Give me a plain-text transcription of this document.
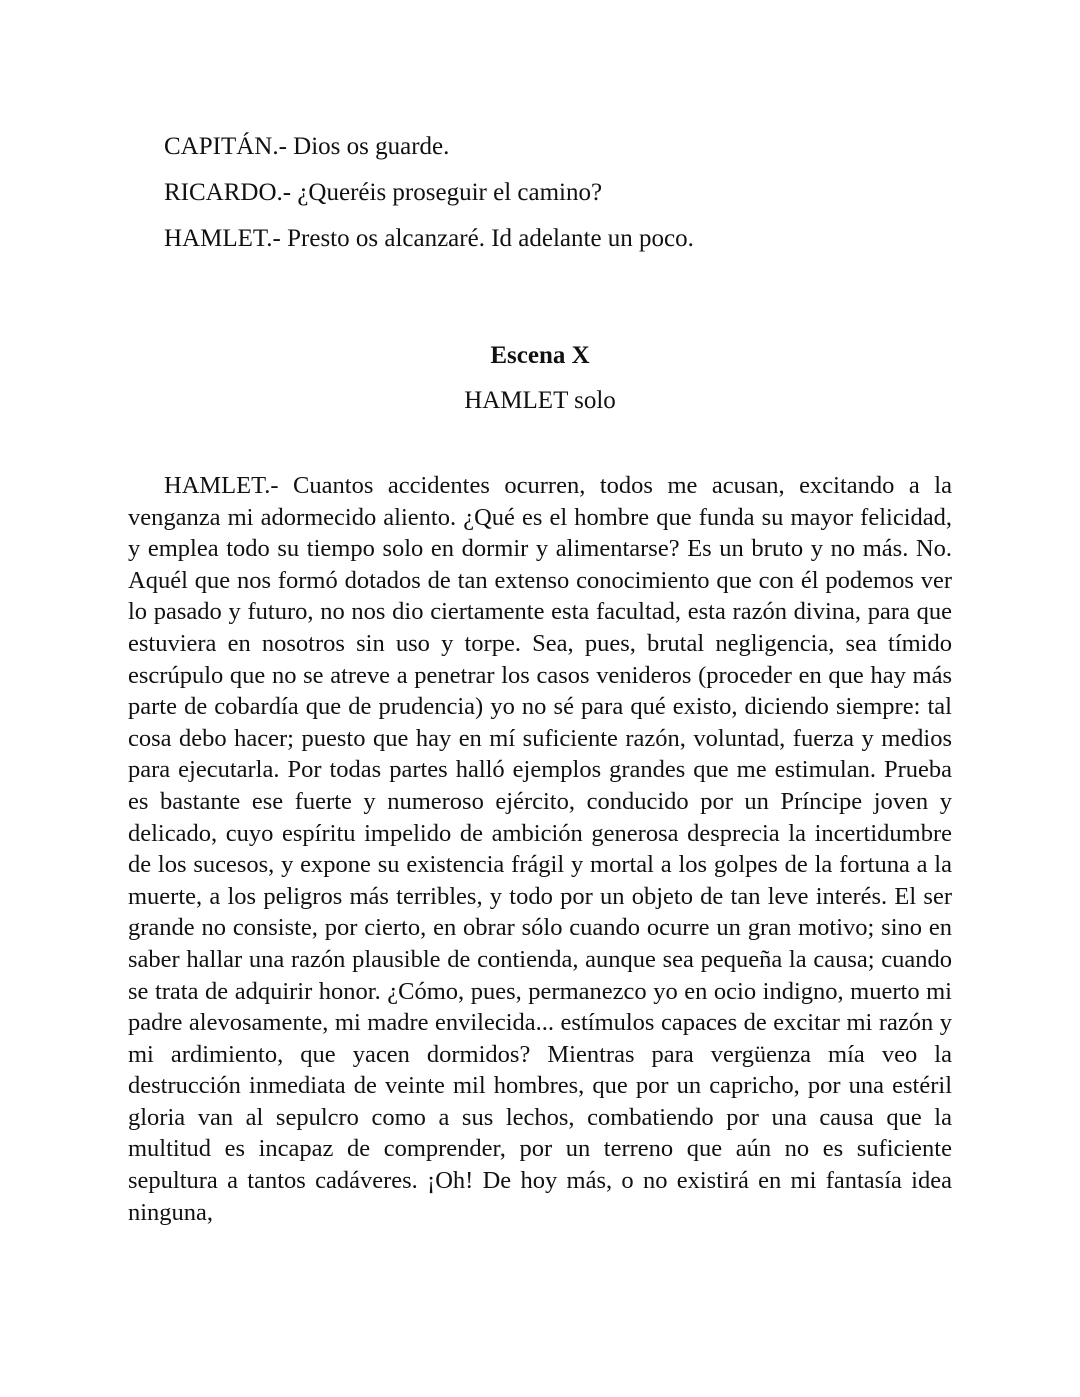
CAPITÁN.- Dios os guarde.

RICARDO.- ¿Queréis proseguir el camino?

HAMLET.- Presto os alcanzaré. Id adelante un poco.

Escena X

HAMLET solo

HAMLET.- Cuantos accidentes ocurren, todos me acusan, excitando a la venganza mi adormecido aliento. ¿Qué es el hombre que funda su mayor felicidad, y emplea todo su tiempo solo en dormir y alimentarse? Es un bruto y no más. No. Aquél que nos formó dotados de tan extenso conocimiento que con él podemos ver lo pasado y futuro, no nos dio ciertamente esta facultad, esta razón divina, para que estuviera en nosotros sin uso y torpe. Sea, pues, brutal negligencia, sea tímido escrúpulo que no se atreve a penetrar los casos venideros (proceder en que hay más parte de cobardía que de prudencia) yo no sé para qué existo, diciendo siempre: tal cosa debo hacer; puesto que hay en mí suficiente razón, voluntad, fuerza y medios para ejecutarla. Por todas partes halló ejemplos grandes que me estimulan. Prueba es bastante ese fuerte y numeroso ejército, conducido por un Príncipe joven y delicado, cuyo espíritu impelido de ambición generosa desprecia la incertidumbre de los sucesos, y expone su existencia frágil y mortal a los golpes de la fortuna a la muerte, a los peligros más terribles, y todo por un objeto de tan leve interés. El ser grande no consiste, por cierto, en obrar sólo cuando ocurre un gran motivo; sino en saber hallar una razón plausible de contienda, aunque sea pequeña la causa; cuando se trata de adquirir honor. ¿Cómo, pues, permanezco yo en ocio indigno, muerto mi padre alevosamente, mi madre envilecida... estímulos capaces de excitar mi razón y mi ardimiento, que yacen dormidos? Mientras para vergüenza mía veo la destrucción inmediata de veinte mil hombres, que por un capricho, por una estéril gloria van al sepulcro como a sus lechos, combatiendo por una causa que la multitud es incapaz de comprender, por un terreno que aún no es suficiente sepultura a tantos cadáveres. ¡Oh! De hoy más, o no existirá en mi fantasía idea ninguna,
